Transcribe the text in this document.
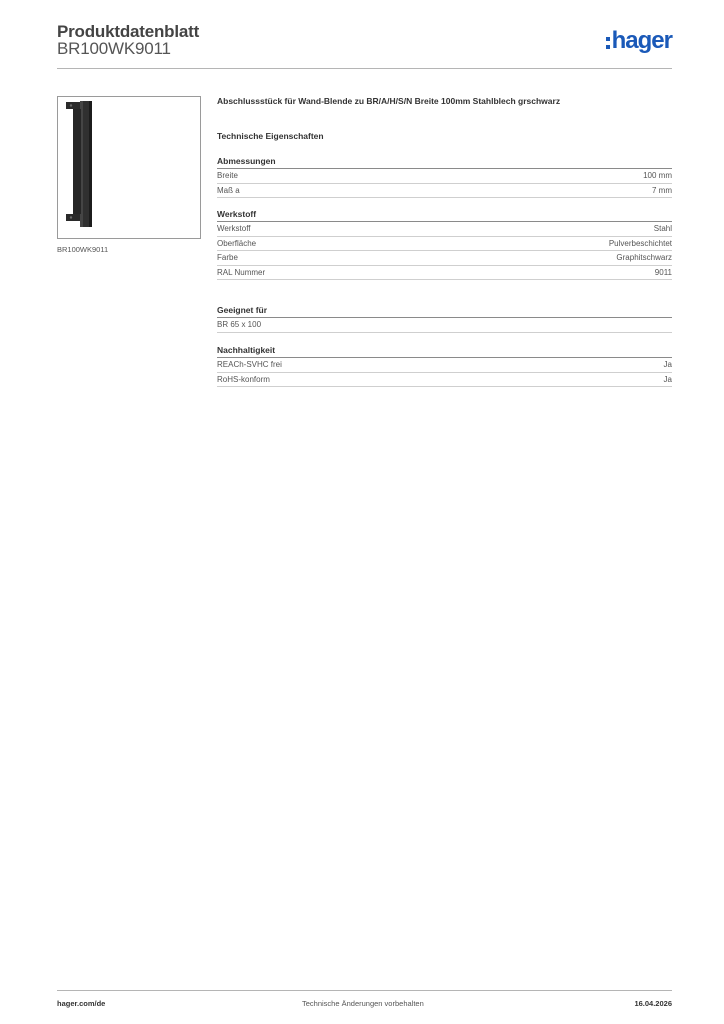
Produktdatenblatt
BR100WK9011	hager
BR100WK9011
Abschlussstück für Wand-Blende zu BR/A/H/S/N Breite 100mm Stahlblech grschwarz
Technische Eigenschaften
Abmessungen
Breite	100 mm
Maß a	7 mm
Werkstoff
Werkstoff	Stahl
Oberfläche	Pulverbeschichtet
Farbe	Graphitschwarz
RAL Nummer	9011
Geeignet für
BR 65 x 100
Nachhaltigkeit
REACh-SVHC frei	Ja
RoHS-konform	Ja
hager.com/de	Technische Änderungen vorbehalten	16.04.2026
